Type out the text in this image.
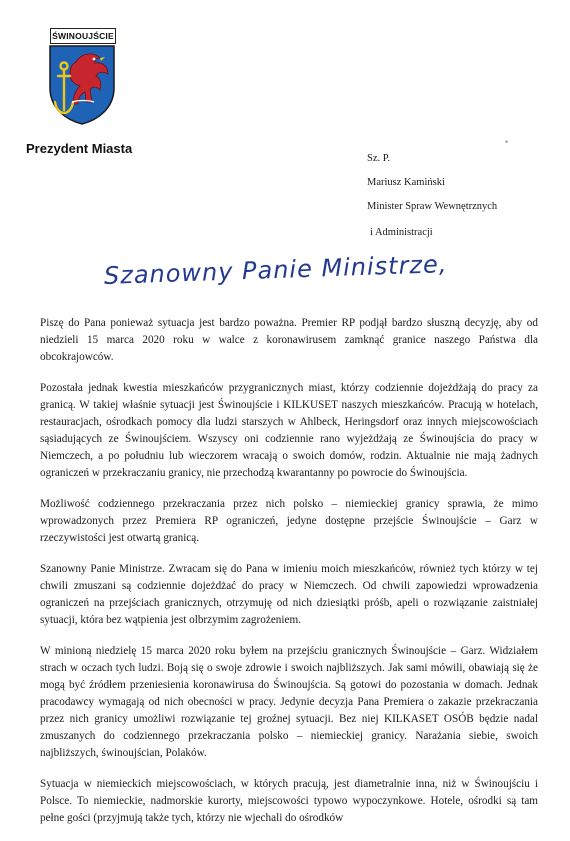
ŚWINOUJŚCIE
Prezydent Miasta	•
Sz. P.
Mariusz Kamiński
Minister Spraw Wewnętrznych
i Administracji
Szanowny Panie Ministrze,

Piszę do Pana ponieważ sytuacja jest bardzo poważna. Premier RP podjął bardzo słuszną decyzję, aby od niedzieli 15 marca 2020 roku w walce z koronawirusem zamknąć granice naszego Państwa dla obcokrajowców.

Pozostała jednak kwestia mieszkańców przygranicznych miast, którzy codziennie dojeżdżają do pracy za granicą. W takiej właśnie sytuacji jest Świnoujście i KILKUSET naszych mieszkańców. Pracują w hotelach, restauracjach, ośrodkach pomocy dla ludzi starszych w Ahlbeck, Heringsdorf oraz innych miejscowościach sąsiadujących ze Świnoujściem. Wszyscy oni codziennie rano wyjeżdżają ze Świnoujścia do pracy w Niemczech, a po południu lub wieczorem wracają o swoich domów, rodzin. Aktualnie nie mają żadnych ograniczeń w przekraczaniu granicy, nie przechodzą kwarantanny po powrocie do Świnoujścia.

Możliwość codziennego przekraczania przez nich polsko – niemieckiej granicy sprawia, że mimo wprowadzonych przez Premiera RP ograniczeń, jedyne dostępne przejście Świnoujście – Garz w rzeczywistości jest otwartą granicą.

Szanowny Panie Ministrze. Zwracam się do Pana w imieniu moich mieszkańców, również tych którzy w tej chwili zmuszani są codziennie dojeżdżać do pracy w Niemczech. Od chwili zapowiedzi wprowadzenia ograniczeń na przejściach granicznych, otrzymuję od nich dziesiątki próśb, apeli o rozwiązanie zaistniałej sytuacji, która bez wątpienia jest olbrzymim zagrożeniem.

W minioną niedzielę 15 marca 2020 roku byłem na przejściu granicznych Świnoujście – Garz. Widziałem strach w oczach tych ludzi. Boją się o swoje zdrowie i swoich najbliższych. Jak sami mówili, obawiają się że mogą być źródłem przeniesienia koronawirusa do Świnoujścia. Są gotowi do pozostania w domach. Jednak pracodawcy wymagają od nich obecności w pracy. Jedynie decyzja Pana Premiera o zakazie przekraczania przez nich granicy umożliwi rozwiązanie tej groźnej sytuacji. Bez niej KILKASET OSÓB będzie nadal zmuszanych do codziennego przekraczania polsko – niemieckiej granicy. Narażania siebie, swoich najbliższych, świnoujścian, Polaków.

Sytuacja w niemieckich miejscowościach, w których pracują, jest diametralnie inna, niż w Świnoujściu i Polsce. To niemieckie, nadmorskie kurorty, miejscowości typowo wypoczynkowe. Hotele, ośrodki są tam pełne gości (przyjmują także tych, którzy nie wjechali do ośrodków
